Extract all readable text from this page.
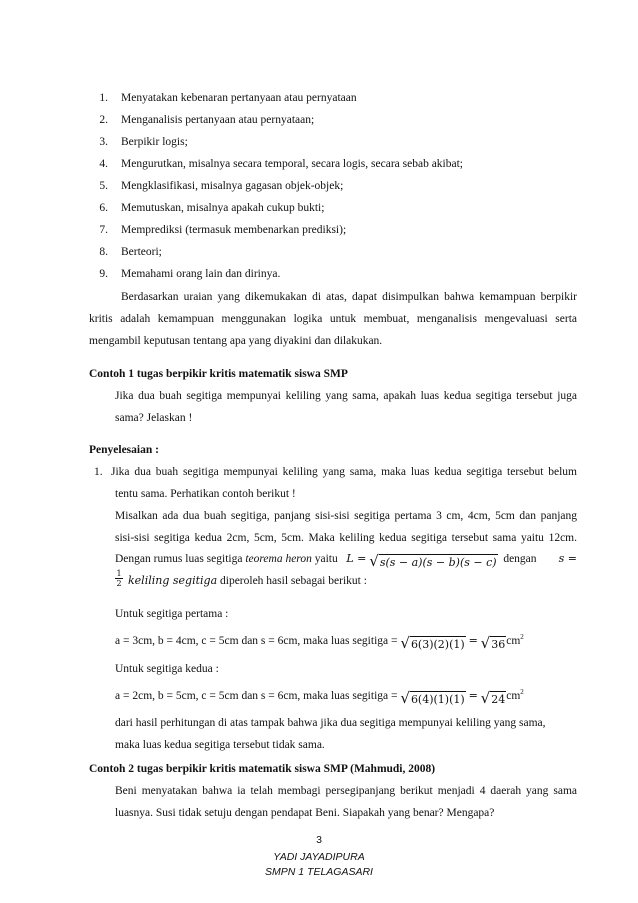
1. Menyatakan kebenaran pertanyaan atau pernyataan
2. Menganalisis pertanyaan atau pernyataan;
3. Berpikir logis;
4. Mengurutkan, misalnya secara temporal, secara logis, secara sebab akibat;
5. Mengklasifikasi, misalnya gagasan objek-objek;
6. Memutuskan, misalnya apakah cukup bukti;
7. Memprediksi (termasuk membenarkan prediksi);
8. Berteori;
9. Memahami orang lain dan dirinya.
Berdasarkan uraian yang dikemukakan di atas, dapat disimpulkan bahwa kemampuan berpikir
kritis adalah kemampuan menggunakan logika untuk membuat, menganalisis mengevaluasi serta
mengambil keputusan tentang apa yang diyakini dan dilakukan.
Contoh 1 tugas berpikir kritis matematik siswa SMP
Jika dua buah segitiga mempunyai keliling yang sama, apakah luas kedua segitiga tersebut juga
sama? Jelaskan !
Penyelesaian :
1. Jika dua buah segitiga mempunyai keliling yang sama, maka luas kedua segitiga tersebut belum
tentu sama. Perhatikan contoh berikut !
Misalkan ada dua buah segitiga, panjang sisi-sisi segitiga pertama 3 cm, 4cm, 5cm dan panjang
sisi-sisi segitiga kedua 2cm, 5cm, 5cm. Maka keliling kedua segitiga tersebut sama yaitu 12cm.
Dengan rumus luas segitiga teorema heron yaitu L = √ s(s − a)(s − b)(s − c) dengan s =
$\frac{1}{2}$ keliling segitiga diperoleh hasil sebagai berikut :
Untuk segitiga pertama :
a = 3cm, b = 4cm, c = 5cm dan s = 6cm, maka luas segitiga = √ 6(3)(2)(1) = √ 36 $cm^2$
Untuk segitiga kedua :
a = 2cm, b = 5cm, c = 5cm dan s = 6cm, maka luas segitiga = √ 6(4)(1)(1) = √ 24 $cm^2$
dari hasil perhitungan di atas tampak bahwa jika dua segitiga mempunyai keliling yang sama,
maka luas kedua segitiga tersebut tidak sama.
Contoh 2 tugas berpikir kritis matematik siswa SMP (Mahmudi, 2008)
Beni menyatakan bahwa ia telah membagi persegipanjang berikut menjadi 4 daerah yang sama
luasnya. Susi tidak setuju dengan pendapat Beni. Siapakah yang benar? Mengapa?
3
YADI JAYADIPURA
SMPN 1 TELAGASARI
